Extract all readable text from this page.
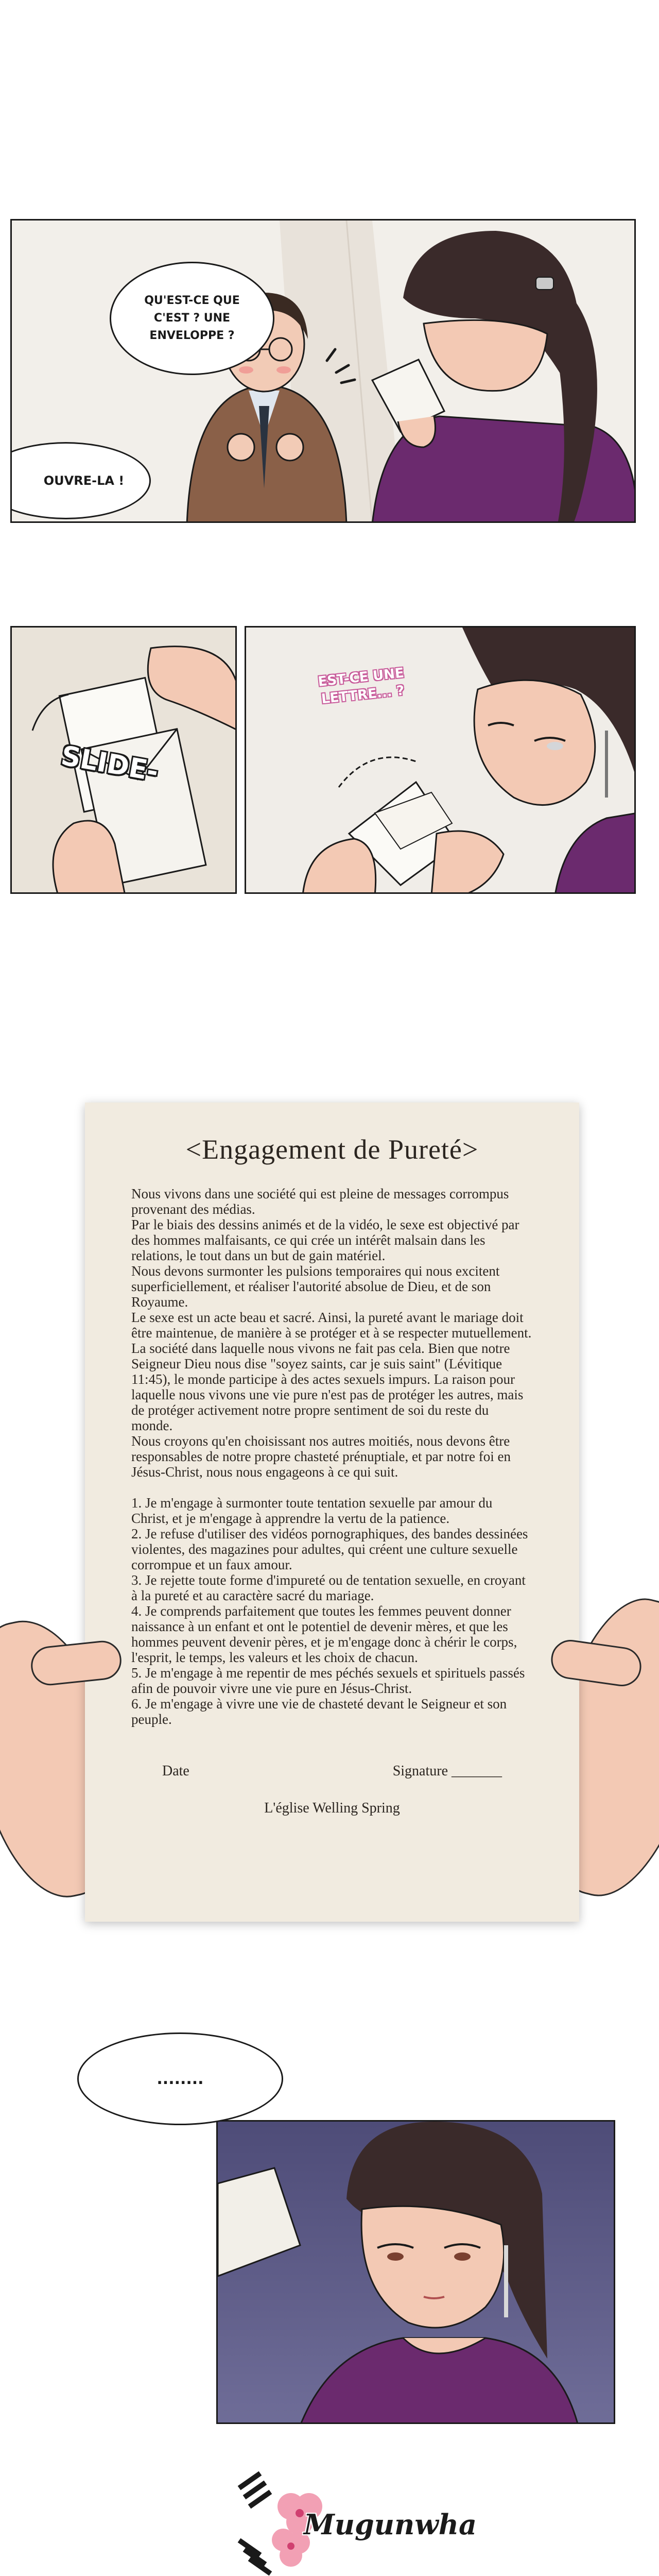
QU'EST-CE QUE C'EST ? UNE ENVELOPPE ?
OUVRE-LA !
SLIDE-
EST-CE UNE LETTRE... ?
<Engagement de Pureté>

Nous vivons dans une société qui est pleine de messages corrompus provenant des médias.

Par le biais des dessins animés et de la vidéo, le sexe est objectivé par des hommes malfaisants, ce qui crée un intérêt malsain dans les relations, le tout dans un but de gain matériel.

Nous devons surmonter les pulsions temporaires qui nous excitent superficiellement, et réaliser l'autorité absolue de Dieu, et de son Royaume.

Le sexe est un acte beau et sacré. Ainsi, la pureté avant le mariage doit être maintenue, de manière à se protéger et à se respecter mutuellement. La société dans laquelle nous vivons ne fait pas cela. Bien que notre Seigneur Dieu nous dise "soyez saints, car je suis saint" (Lévitique 11:45), le monde participe à des actes sexuels impurs. La raison pour laquelle nous vivons une vie pure n'est pas de protéger les autres, mais de protéger activement notre propre sentiment de soi du reste du monde.

Nous croyons qu'en choisissant nos autres moitiés, nous devons être responsables de notre propre chasteté prénuptiale, et par notre foi en Jésus-Christ, nous nous engageons à ce qui suit.

1. Je m'engage à surmonter toute tentation sexuelle par amour du Christ, et je m'engage à apprendre la vertu de la patience.

2. Je refuse d'utiliser des vidéos pornographiques, des bandes dessinées violentes, des magazines pour adultes, qui créent une culture sexuelle corrompue et un faux amour.

3. Je rejette toute forme d'impureté ou de tentation sexuelle, en croyant à la pureté et au caractère sacré du mariage.

4. Je comprends parfaitement que toutes les femmes peuvent donner naissance à un enfant et ont le potentiel de devenir mères, et que les hommes peuvent devenir pères, et je m'engage donc à chérir le corps, l'esprit, le temps, les valeurs et les choix de chacun.

5. Je m'engage à me repentir de mes péchés sexuels et spirituels passés afin de pouvoir vivre une vie pure en Jésus-Christ.

6. Je m'engage à vivre une vie de chasteté devant le Seigneur et son peuple.

Date	Signature _______
L'église Welling Spring
........
Mugunwha
